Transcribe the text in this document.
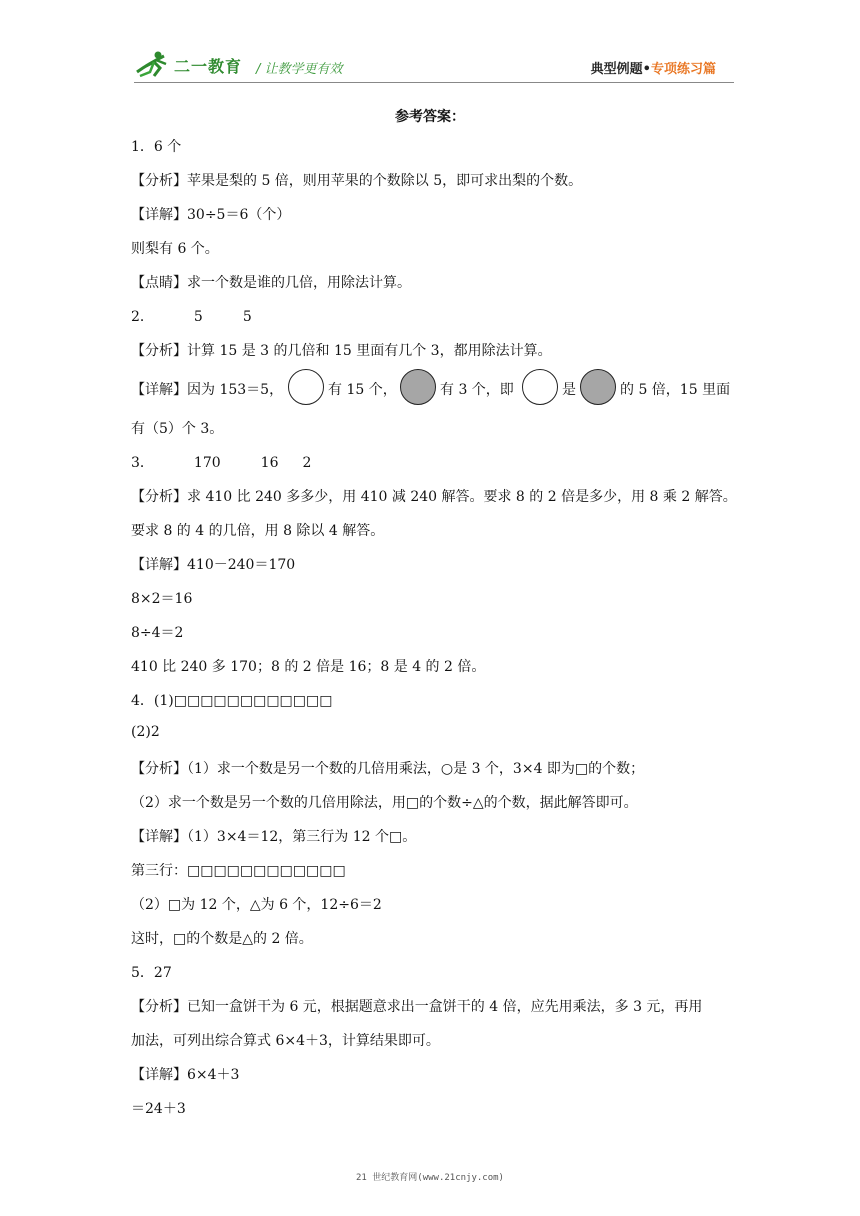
二一教育 / 让教学更有效	典型例题•专项练习篇
参考答案：
1．6 个
【分析】苹果是梨的 5 倍，则用苹果的个数除以 5，即可求出梨的个数。
【详解】30÷5＝6（个）
则梨有 6 个。
【点睛】求一个数是谁的几倍，用除法计算。
2．	5	5
【分析】计算 15 是 3 的几倍和 15 里面有几个 3，都用除法计算。
【详解】因为 153＝5，	有 15 个，	有 3 个，即	是	的 5 倍，15 里面
有（5）个 3。
3．	170	16 2
【分析】求 410 比 240 多多少，用 410 减 240 解答。要求 8 的 2 倍是多少，用 8 乘 2 解答。
要求 8 的 4 的几倍，用 8 除以 4 解答。
【详解】410－240＝170
8×2＝16
8÷4＝2
410 比 240 多 170；8 的 2 倍是 16；8 是 4 的 2 倍。
4．(1)□□□□□□□□□□□□
(2)2
【分析】（1）求一个数是另一个数的几倍用乘法，○是 3 个，3×4 即为□的个数；
（2）求一个数是另一个数的几倍用除法，用□的个数÷△的个数，据此解答即可。
【详解】（1）3×4＝12，第三行为 12 个□。
第三行：□□□□□□□□□□□□
（2）□为 12 个，△为 6 个，12÷6＝2
这时，□的个数是△的 2 倍。
5．27
【分析】已知一盒饼干为 6 元，根据题意求出一盒饼干的 4 倍，应先用乘法，多 3 元，再用
加法，可列出综合算式 6×4＋3，计算结果即可。
【详解】6×4＋3
＝24＋3
21 世纪教育网(www.21cnjy.com)
